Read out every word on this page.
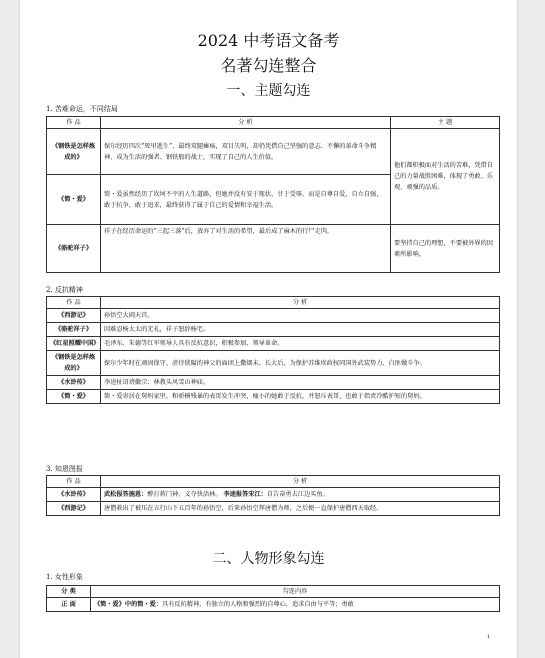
2024 中考语文备考
名著勾连整合
一、主题勾连
1. 苦难命运，不同结局
作 品	分 析	主 题
《钢铁是怎样炼成的》	保尔经历四次“死里逃生”，最终双腿瘫痪，双目失明，却仍凭借自己坚强的意志、不懈的革命斗争精神，成为生活的强者、钢铁般的战士，实现了自己的人生价值。	他们都积极面对生活的苦难，凭借自己的力量战胜困难，体现了勇敢、乐观、顽强的品质。
《简・爱》	简・爱虽然经历了坎坷不平的人生道路，但她并没有安于现状、甘于受辱，而是自尊自爱，自立自强，敢于抗争，敢于追求，最终获得了属于自己的爱情和幸福生活。	
《骆驼祥子》	祥子在经历命运的“三起三落”后，放弃了对生活的希望，最后成了麻木的行尸走肉。	要坚持自己的理想，不要被外界的因素所影响。
2. 反抗精神
作 品	分 析
《西游记》	孙悟空大闹天宫。
《骆驼祥子》	因难忍杨太太的无礼，祥子怒辞杨宅。
《红星照耀中国》	毛泽东、朱德等红军领导人具有反抗意识，积极参加、领导革命。
《钢铁是怎样炼成的》	保尔少年时在顽固保守、虐待狭隘的神父的面团上撒烟末。长大后，为保护苏维埃政权同国外武装势力、白匪做斗争。
《水浒传》	李逵扯诏谤徽宗；林教头风雪山神庙。
《简・爱》	简・爱寄居在舅妈家里，和骄横残暴的表哥发生冲突，瘦小的她敢于反抗，并怒斥表哥，也敢于指责冷酷护短的舅妈。
3. 知恩图报
作 品	分 析
《水浒传》	武松报答施恩：醉打蒋门神，义夺快活林。 李逵报答宋江：自告奋勇去江边买鱼。
《西游记》	唐僧救出了被压在五行山下五百年的孙悟空，后来孙悟空拜唐僧为师，之后便一直保护唐僧西天取经。
二、人物形象勾连
1. 女性形象
分 类	勾连内容
正 面	《简・爱》中的简・爱：具有反抗精神，有独立的人格和强烈的自尊心，追求自由与平等；勇敢
1
